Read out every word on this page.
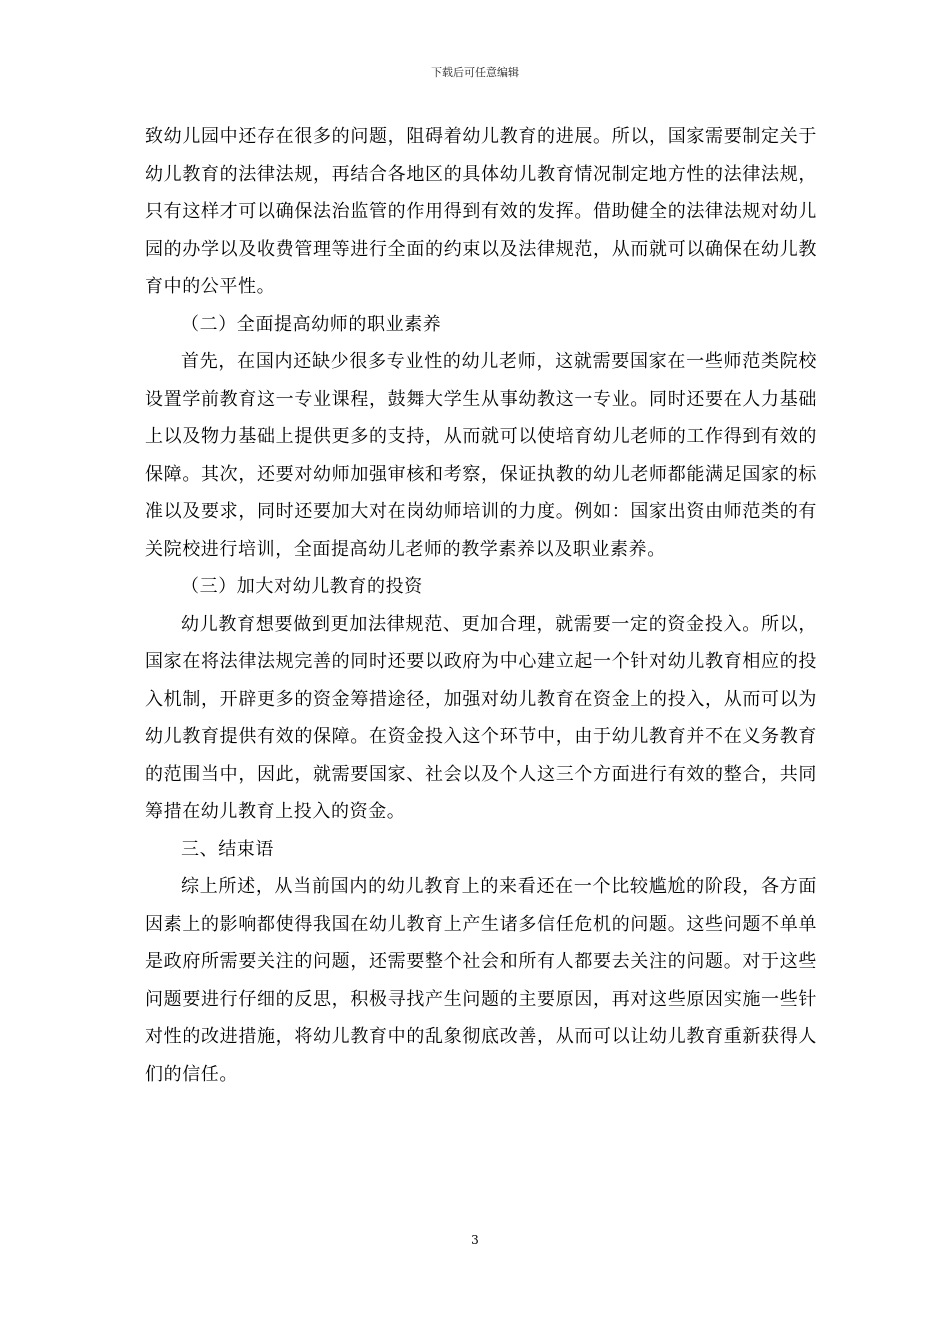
下载后可任意编辑

致幼儿园中还存在很多的问题，阻碍着幼儿教育的进展。所以，国家需要制定关于幼儿教育的法律法规，再结合各地区的具体幼儿教育情况制定地方性的法律法规，只有这样才可以确保法治监管的作用得到有效的发挥。借助健全的法律法规对幼儿园的办学以及收费管理等进行全面的约束以及法律规范，从而就可以确保在幼儿教育中的公平性。

（二）全面提高幼师的职业素养

首先，在国内还缺少很多专业性的幼儿老师，这就需要国家在一些师范类院校设置学前教育这一专业课程，鼓舞大学生从事幼教这一专业。同时还要在人力基础上以及物力基础上提供更多的支持，从而就可以使培育幼儿老师的工作得到有效的保障。其次，还要对幼师加强审核和考察，保证执教的幼儿老师都能满足国家的标准以及要求，同时还要加大对在岗幼师培训的力度。例如：国家出资由师范类的有关院校进行培训，全面提高幼儿老师的教学素养以及职业素养。

（三）加大对幼儿教育的投资

幼儿教育想要做到更加法律规范、更加合理，就需要一定的资金投入。所以，国家在将法律法规完善的同时还要以政府为中心建立起一个针对幼儿教育相应的投入机制，开辟更多的资金筹措途径，加强对幼儿教育在资金上的投入，从而可以为幼儿教育提供有效的保障。在资金投入这个环节中，由于幼儿教育并不在义务教育的范围当中，因此，就需要国家、社会以及个人这三个方面进行有效的整合，共同筹措在幼儿教育上投入的资金。

三、结束语

综上所述，从当前国内的幼儿教育上的来看还在一个比较尴尬的阶段，各方面因素上的影响都使得我国在幼儿教育上产生诸多信任危机的问题。这些问题不单单是政府所需要关注的问题，还需要整个社会和所有人都要去关注的问题。对于这些问题要进行仔细的反思，积极寻找产生问题的主要原因，再对这些原因实施一些针对性的改进措施，将幼儿教育中的乱象彻底改善，从而可以让幼儿教育重新获得人们的信任。

3
